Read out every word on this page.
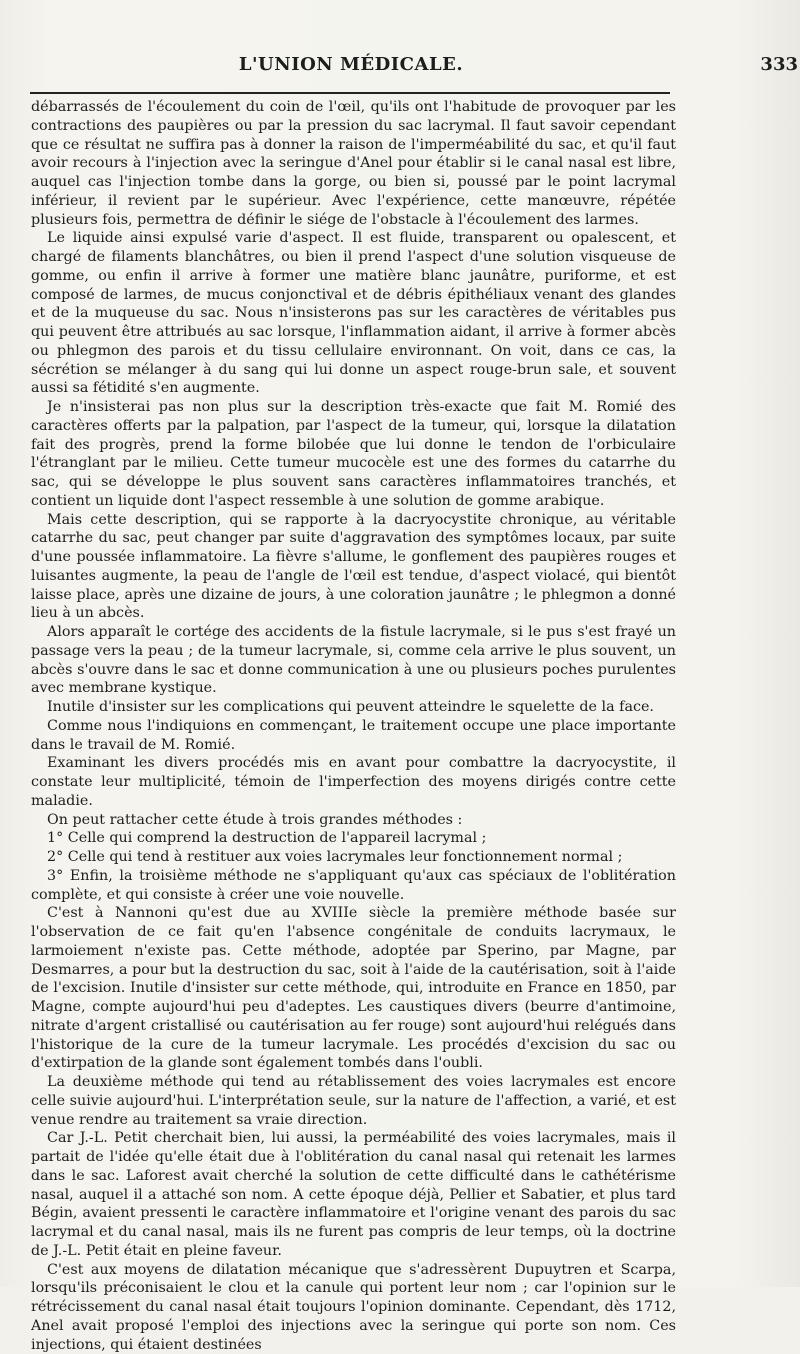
L'UNION MÉDICALE.	333

débarrassés de l'écoulement du coin de l'œil, qu'ils ont l'habitude de provoquer par les contractions des paupières ou par la pression du sac lacrymal. Il faut savoir cependant que ce résultat ne suffira pas à donner la raison de l'imperméabilité du sac, et qu'il faut avoir recours à l'injection avec la seringue d'Anel pour établir si le canal nasal est libre, auquel cas l'injection tombe dans la gorge, ou bien si, poussé par le point lacrymal inférieur, il revient par le supérieur. Avec l'expérience, cette manœuvre, répétée plusieurs fois, permettra de définir le siége de l'obstacle à l'écoulement des larmes.

Le liquide ainsi expulsé varie d'aspect. Il est fluide, transparent ou opalescent, et chargé de filaments blanchâtres, ou bien il prend l'aspect d'une solution visqueuse de gomme, ou enfin il arrive à former une matière blanc jaunâtre, puriforme, et est composé de larmes, de mucus conjonctival et de débris épithéliaux venant des glandes et de la muqueuse du sac. Nous n'insisterons pas sur les caractères de véritables pus qui peuvent être attribués au sac lorsque, l'inflammation aidant, il arrive à former abcès ou phlegmon des parois et du tissu cellulaire environnant. On voit, dans ce cas, la sécrétion se mélanger à du sang qui lui donne un aspect rouge-brun sale, et souvent aussi sa fétidité s'en augmente.

Je n'insisterai pas non plus sur la description très-exacte que fait M. Romié des caractères offerts par la palpation, par l'aspect de la tumeur, qui, lorsque la dilatation fait des progrès, prend la forme bilobée que lui donne le tendon de l'orbiculaire l'étranglant par le milieu. Cette tumeur mucocèle est une des formes du catarrhe du sac, qui se développe le plus souvent sans caractères inflammatoires tranchés, et contient un liquide dont l'aspect ressemble à une solution de gomme arabique.

Mais cette description, qui se rapporte à la dacryocystite chronique, au véritable catarrhe du sac, peut changer par suite d'aggravation des symptômes locaux, par suite d'une poussée inflammatoire. La fièvre s'allume, le gonflement des paupières rouges et luisantes augmente, la peau de l'angle de l'œil est tendue, d'aspect violacé, qui bientôt laisse place, après une dizaine de jours, à une coloration jaunâtre ; le phlegmon a donné lieu à un abcès.

Alors apparaît le cortége des accidents de la fistule lacrymale, si le pus s'est frayé un passage vers la peau ; de la tumeur lacrymale, si, comme cela arrive le plus souvent, un abcès s'ouvre dans le sac et donne communication à une ou plusieurs poches purulentes avec membrane kystique.

Inutile d'insister sur les complications qui peuvent atteindre le squelette de la face.

Comme nous l'indiquions en commençant, le traitement occupe une place importante dans le travail de M. Romié.

Examinant les divers procédés mis en avant pour combattre la dacryocystite, il constate leur multiplicité, témoin de l'imperfection des moyens dirigés contre cette maladie.

On peut rattacher cette étude à trois grandes méthodes :

1° Celle qui comprend la destruction de l'appareil lacrymal ;

2° Celle qui tend à restituer aux voies lacrymales leur fonctionnement normal ;

3° Enfin, la troisième méthode ne s'appliquant qu'aux cas spéciaux de l'oblitération complète, et qui consiste à créer une voie nouvelle.

C'est à Nannoni qu'est due au XVIIIe siècle la première méthode basée sur l'observation de ce fait qu'en l'absence congénitale de conduits lacrymaux, le larmoiement n'existe pas. Cette méthode, adoptée par Sperino, par Magne, par Desmarres, a pour but la destruction du sac, soit à l'aide de la cautérisation, soit à l'aide de l'excision. Inutile d'insister sur cette méthode, qui, introduite en France en 1850, par Magne, compte aujourd'hui peu d'adeptes. Les caustiques divers (beurre d'antimoine, nitrate d'argent cristallisé ou cautérisation au fer rouge) sont aujourd'hui relégués dans l'historique de la cure de la tumeur lacrymale. Les procédés d'excision du sac ou d'extirpation de la glande sont également tombés dans l'oubli.

La deuxième méthode qui tend au rétablissement des voies lacrymales est encore celle suivie aujourd'hui. L'interprétation seule, sur la nature de l'affection, a varié, et est venue rendre au traitement sa vraie direction.

Car J.-L. Petit cherchait bien, lui aussi, la perméabilité des voies lacrymales, mais il partait de l'idée qu'elle était due à l'oblitération du canal nasal qui retenait les larmes dans le sac. Laforest avait cherché la solution de cette difficulté dans le cathétérisme nasal, auquel il a attaché son nom. A cette époque déjà, Pellier et Sabatier, et plus tard Bégin, avaient pressenti le caractère inflammatoire et l'origine venant des parois du sac lacrymal et du canal nasal, mais ils ne furent pas compris de leur temps, où la doctrine de J.-L. Petit était en pleine faveur.

C'est aux moyens de dilatation mécanique que s'adressèrent Dupuytren et Scarpa, lorsqu'ils préconisaient le clou et la canule qui portent leur nom ; car l'opinion sur le rétrécissement du canal nasal était toujours l'opinion dominante. Cependant, dès 1712, Anel avait proposé l'emploi des injections avec la seringue qui porte son nom. Ces injections, qui étaient destinées
